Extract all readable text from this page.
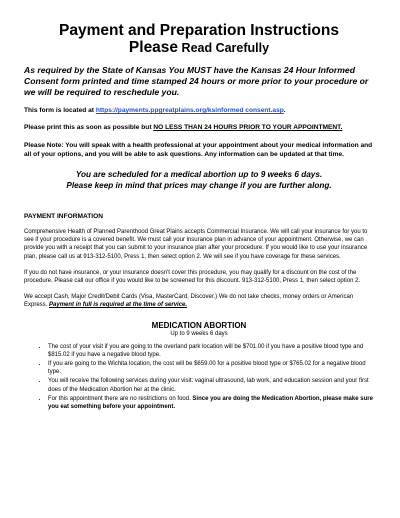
Payment and Preparation Instructions
Please Read Carefully
As required by the State of Kansas You MUST have the Kansas 24 Hour Informed Consent form printed and time stamped 24 hours or more prior to your procedure or we will be required to reschedule you.
This form is located at https://payments.ppgreatplains.org/ksinformed consent.asp.
Please print this as soon as possible but NO LESS THAN 24 HOURS PRIOR TO YOUR APPOINTMENT.
Please Note: You will speak with a health professional at your appointment about your medical information and all of your options, and you will be able to ask questions. Any information can be updated at that time.
You are scheduled for a medical abortion up to 9 weeks 6 days.
Please keep in mind that prices may change if you are further along.
PAYMENT INFORMATION
Comprehensive Health of Planned Parenthood Great Plains accepts Commercial Insurance. We will call your insurance for you to see if your procedure is a covered benefit. We must call your insurance plan in advance of your appointment. Otherwise, we can provide you with a receipt that you can submit to your insurance plan after your procedure. If you would like to use your insurance plan, please call us at 913-312-5100, Press 1, then select option 2. We will see if you have coverage for these services.
If you do not have insurance, or your insurance doesn't cover this procedure, you may qualify for a discount on the cost of the procedure. Please call our office if you would like to be screened for this discount. 913-312-5100, Press 1, then select option 2.
We accept Cash, Major Credit/Debit Cards (Visa, MasterCard, Discover.) We do not take checks, money orders or American Express. Payment in full is required at the time of service.
MEDICATION ABORTION
Up to 9 weeks 6 days
• The cost of your visit if you are going to the overland park location will be $701.00 if you have a positive blood type and $815.02 if you have a negative blood type.
• If you are going to the Wichita location, the cost will be $659.00 for a positive blood type or $765.02 for a negative blood type.
• You will receive the following services during your visit: vaginal ultrasound, lab work, and education session and your first does of the Medication Abortion her at the clinic.
• For this appointment there are no restrictions on food. Since you are doing the Medication Abortion, please make sure you eat something before your appointment.
